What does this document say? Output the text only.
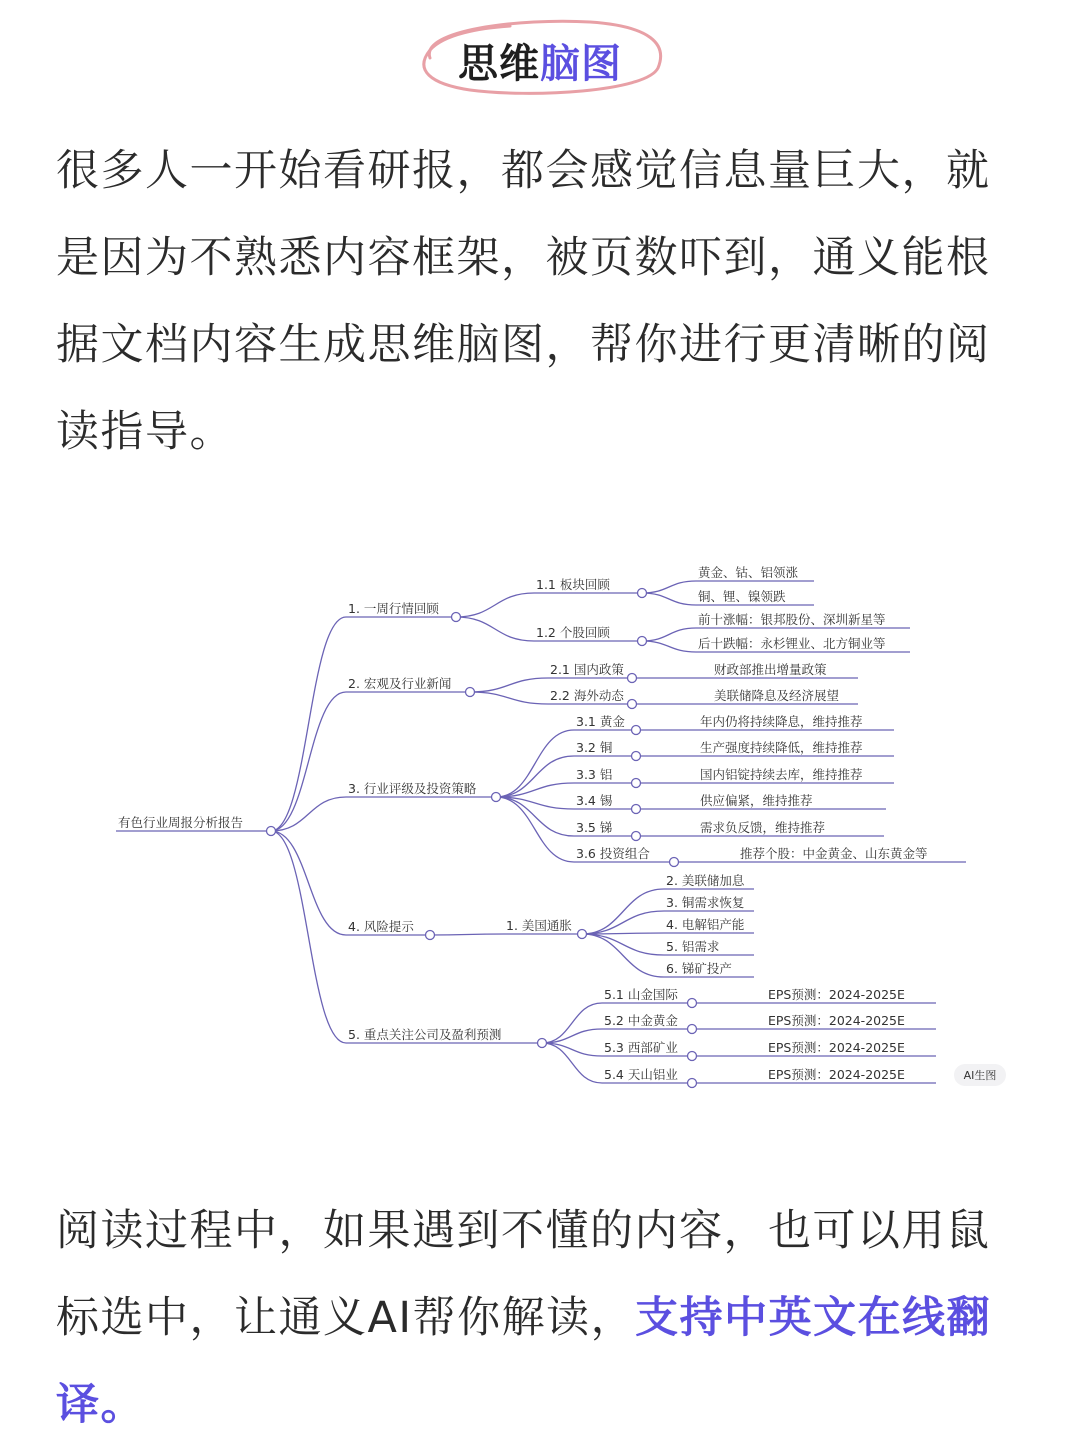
思维脑图

很多人一开始看研报，都会感觉信息量巨大，就是因为不熟悉内容框架，被页数吓到，通义能根据文档内容生成思维脑图，帮你进行更清晰的阅读指导。

有色行业周报分析报告
1. 一周行情回顾
1.1 板块回顾
黄金、钴、铝领涨
铜、锂、镍领跌
1.2 个股回顾
前十涨幅：银邦股份、深圳新星等
后十跌幅：永杉锂业、北方铜业等
2. 宏观及行业新闻
2.1 国内政策	财政部推出增量政策
2.2 海外动态	美联储降息及经济展望
3. 行业评级及投资策略
3.1 黄金	年内仍将持续降息，维持推荐
3.2 铜	生产强度持续降低，维持推荐
3.3 铝	国内铝锭持续去库，维持推荐
3.4 锡	供应偏紧，维持推荐
3.5 锑	需求负反馈，维持推荐
3.6 投资组合	推荐个股：中金黄金、山东黄金等
4. 风险提示	1. 美国通胀
2. 美联储加息
3. 铜需求恢复
4. 电解铝产能
5. 铝需求
6. 锑矿投产
5. 重点关注公司及盈利预测
5.1 山金国际	EPS预测：2024-2025E
5.2 中金黄金	EPS预测：2024-2025E
5.3 西部矿业	EPS预测：2024-2025E
5.4 天山铝业	EPS预测：2024-2025E	AI生图

阅读过程中，如果遇到不懂的内容，也可以用鼠标选中，让通义AI帮你解读，支持中英文在线翻译。
